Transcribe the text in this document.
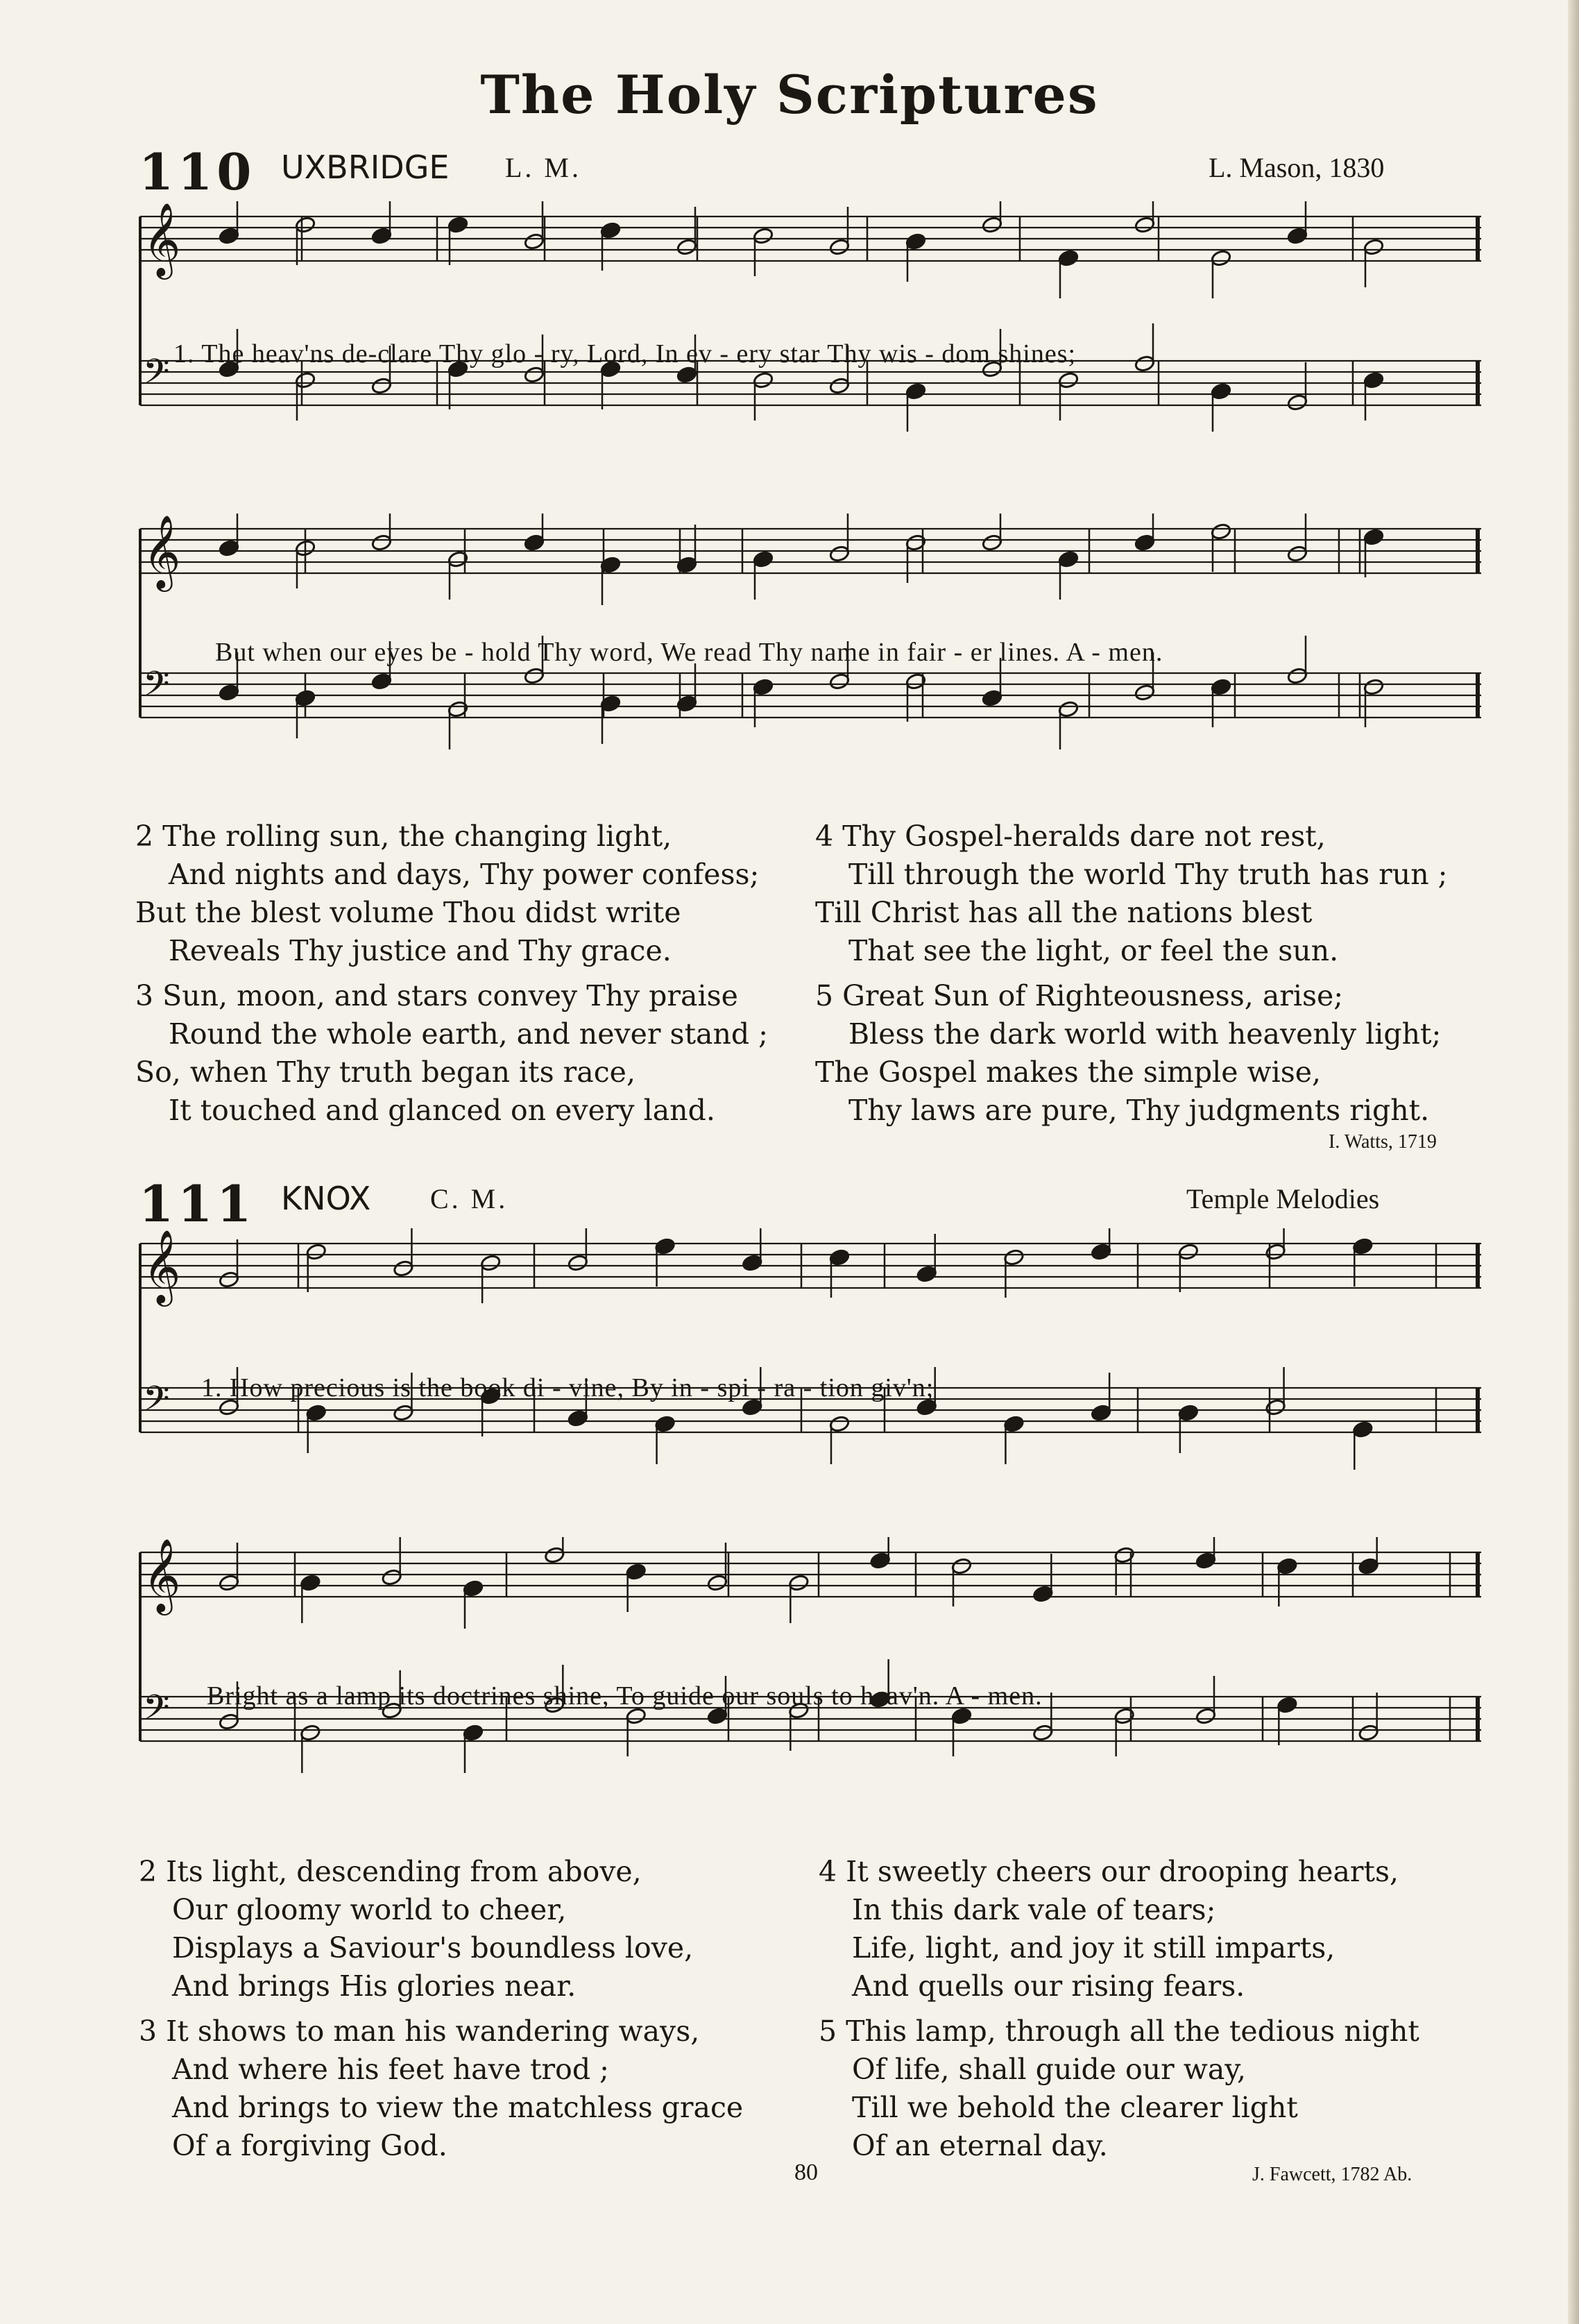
The Holy Scriptures
110 UXBRIDGE L. M.	L. Mason, 1830
𝄞
𝄢 1. The heav'ns de-clare Thy glo - ry, Lord, In ev - ery star Thy wis - dom shines;
𝄞
𝄢
But when our eyes be - hold Thy word, We read Thy name in fair - er lines. A - men.
2 The rolling sun, the changing light,
And nights and days, Thy power confess;
But the blest volume Thou didst write
Reveals Thy justice and Thy grace.
3 Sun, moon, and stars convey Thy praise
Round the whole earth, and never stand ;
So, when Thy truth began its race,
It touched and glanced on every land.
4 Thy Gospel-heralds dare not rest,
Till through the world Thy truth has run ;
Till Christ has all the nations blest
That see the light, or feel the sun.
5 Great Sun of Righteousness, arise;
Bless the dark world with heavenly light;
The Gospel makes the simple wise,
Thy laws are pure, Thy judgments right.
I. Watts, 1719
111 KNOX C. M.	Temple Melodies
𝄞
𝄢 1. How precious is the book di - vine, By in - spi - ra - tion giv'n;
𝄞
𝄢 Bright as a lamp its doctrines shine, To guide our souls to heav'n. A - men.
2 Its light, descending from above,
Our gloomy world to cheer,
Displays a Saviour's boundless love,
And brings His glories near.
3 It shows to man his wandering ways,
And where his feet have trod ;
And brings to view the matchless grace
Of a forgiving God.
4 It sweetly cheers our drooping hearts,
In this dark vale of tears;
Life, light, and joy it still imparts,
And quells our rising fears.
5 This lamp, through all the tedious night
Of life, shall guide our way,
Till we behold the clearer light
Of an eternal day.
80	J. Fawcett, 1782 Ab.
